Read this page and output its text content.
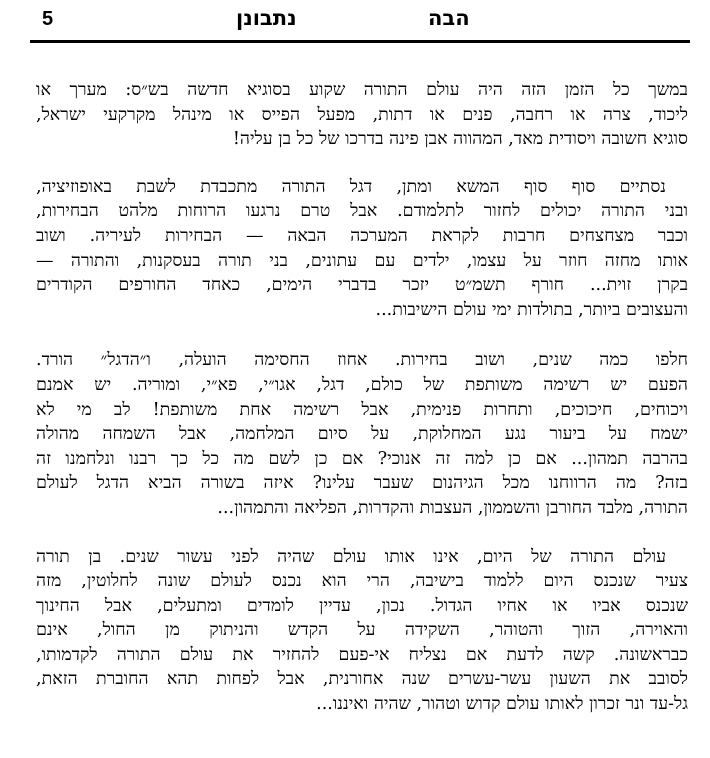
5	נתבונן	הבה
במשך כל הזמן הזה היה עולם התורה שקוע בסוגיא חדשה בש״ס: מערך או
ליכוד, צרה או רחבה, פנים או דתות, מפעל הפייס או מינהל מקרקעי ישראל,
סוגיא חשובה ויסודית מאד, המהווה אבן פינה בדרכו של כל בן עליה!
נסתיים סוף סוף המשא ומתן, דגל התורה מתכבדת לשבת באופוזיציה,
ובני התורה יכולים לחזור לתלמודם. אבל טרם נרגעו הרוחות מלהט הבחירות,
וכבר מצחצחים חרבות לקראת המערכה הבאה — הבחירות לעיריה. ושוב
אותו מחזה חוזר על עצמו, ילדים עם עתונים, בני תורה בעסקנות, והתורה —
בקרן זוית... חורף תשמ״ט יזכר בדברי הימים, כאחד החורפים הקודרים
והעצובים ביותר, בתולדות ימי עולם הישיבות...
חלפו כמה שנים, ושוב בחירות. אחוז החסימה הועלה, ו״הדגל״ הורד.
הפעם יש רשימה משותפת של כולם, דגל, אגו״י, פא״י, ומוריה. יש אמנם
ויכוחים, חיכוכים, ותחרות פנימית, אבל רשימה אחת משותפת! לב מי לא
ישמח על ביעור נגע המחלוקת, על סיום המלחמה, אבל השמחה מהולה
בהרבה תמהון... אם כן למה זה אנוכי? אם כן לשם מה כל כך רבנו ונלחמנו זה
בזה? מה הרווחנו מכל הגיהנום שעבר עלינו? איזה בשורה הביא הדגל לעולם
התורה, מלבד החורבן והשממון, העצבות והקדרות, הפליאה והתמהון...
עולם התורה של היום, אינו אותו עולם שהיה לפני עשור שנים. בן תורה
צעיר שנכנס היום ללמוד בישיבה, הרי הוא נכנס לעולם שונה לחלוטין, מזה
שנכנס אביו או אחיו הגדול. נכון, עדיין לומדים ומתעלים, אבל החינוך
והאוירה, הזוך והטוהר, השקידה על הקדש והניתוק מן החול, אינם
כבראשונה. קשה לדעת אם נצליח אי-פעם להחזיר את עולם התורה לקדמותו,
לסובב את השעון עשר-עשרים שנה אחורנית, אבל לפחות תהא החוברת הזאת,
גל-עד ונר זכרון לאותו עולם קדוש וטהור, שהיה ואיננו...
